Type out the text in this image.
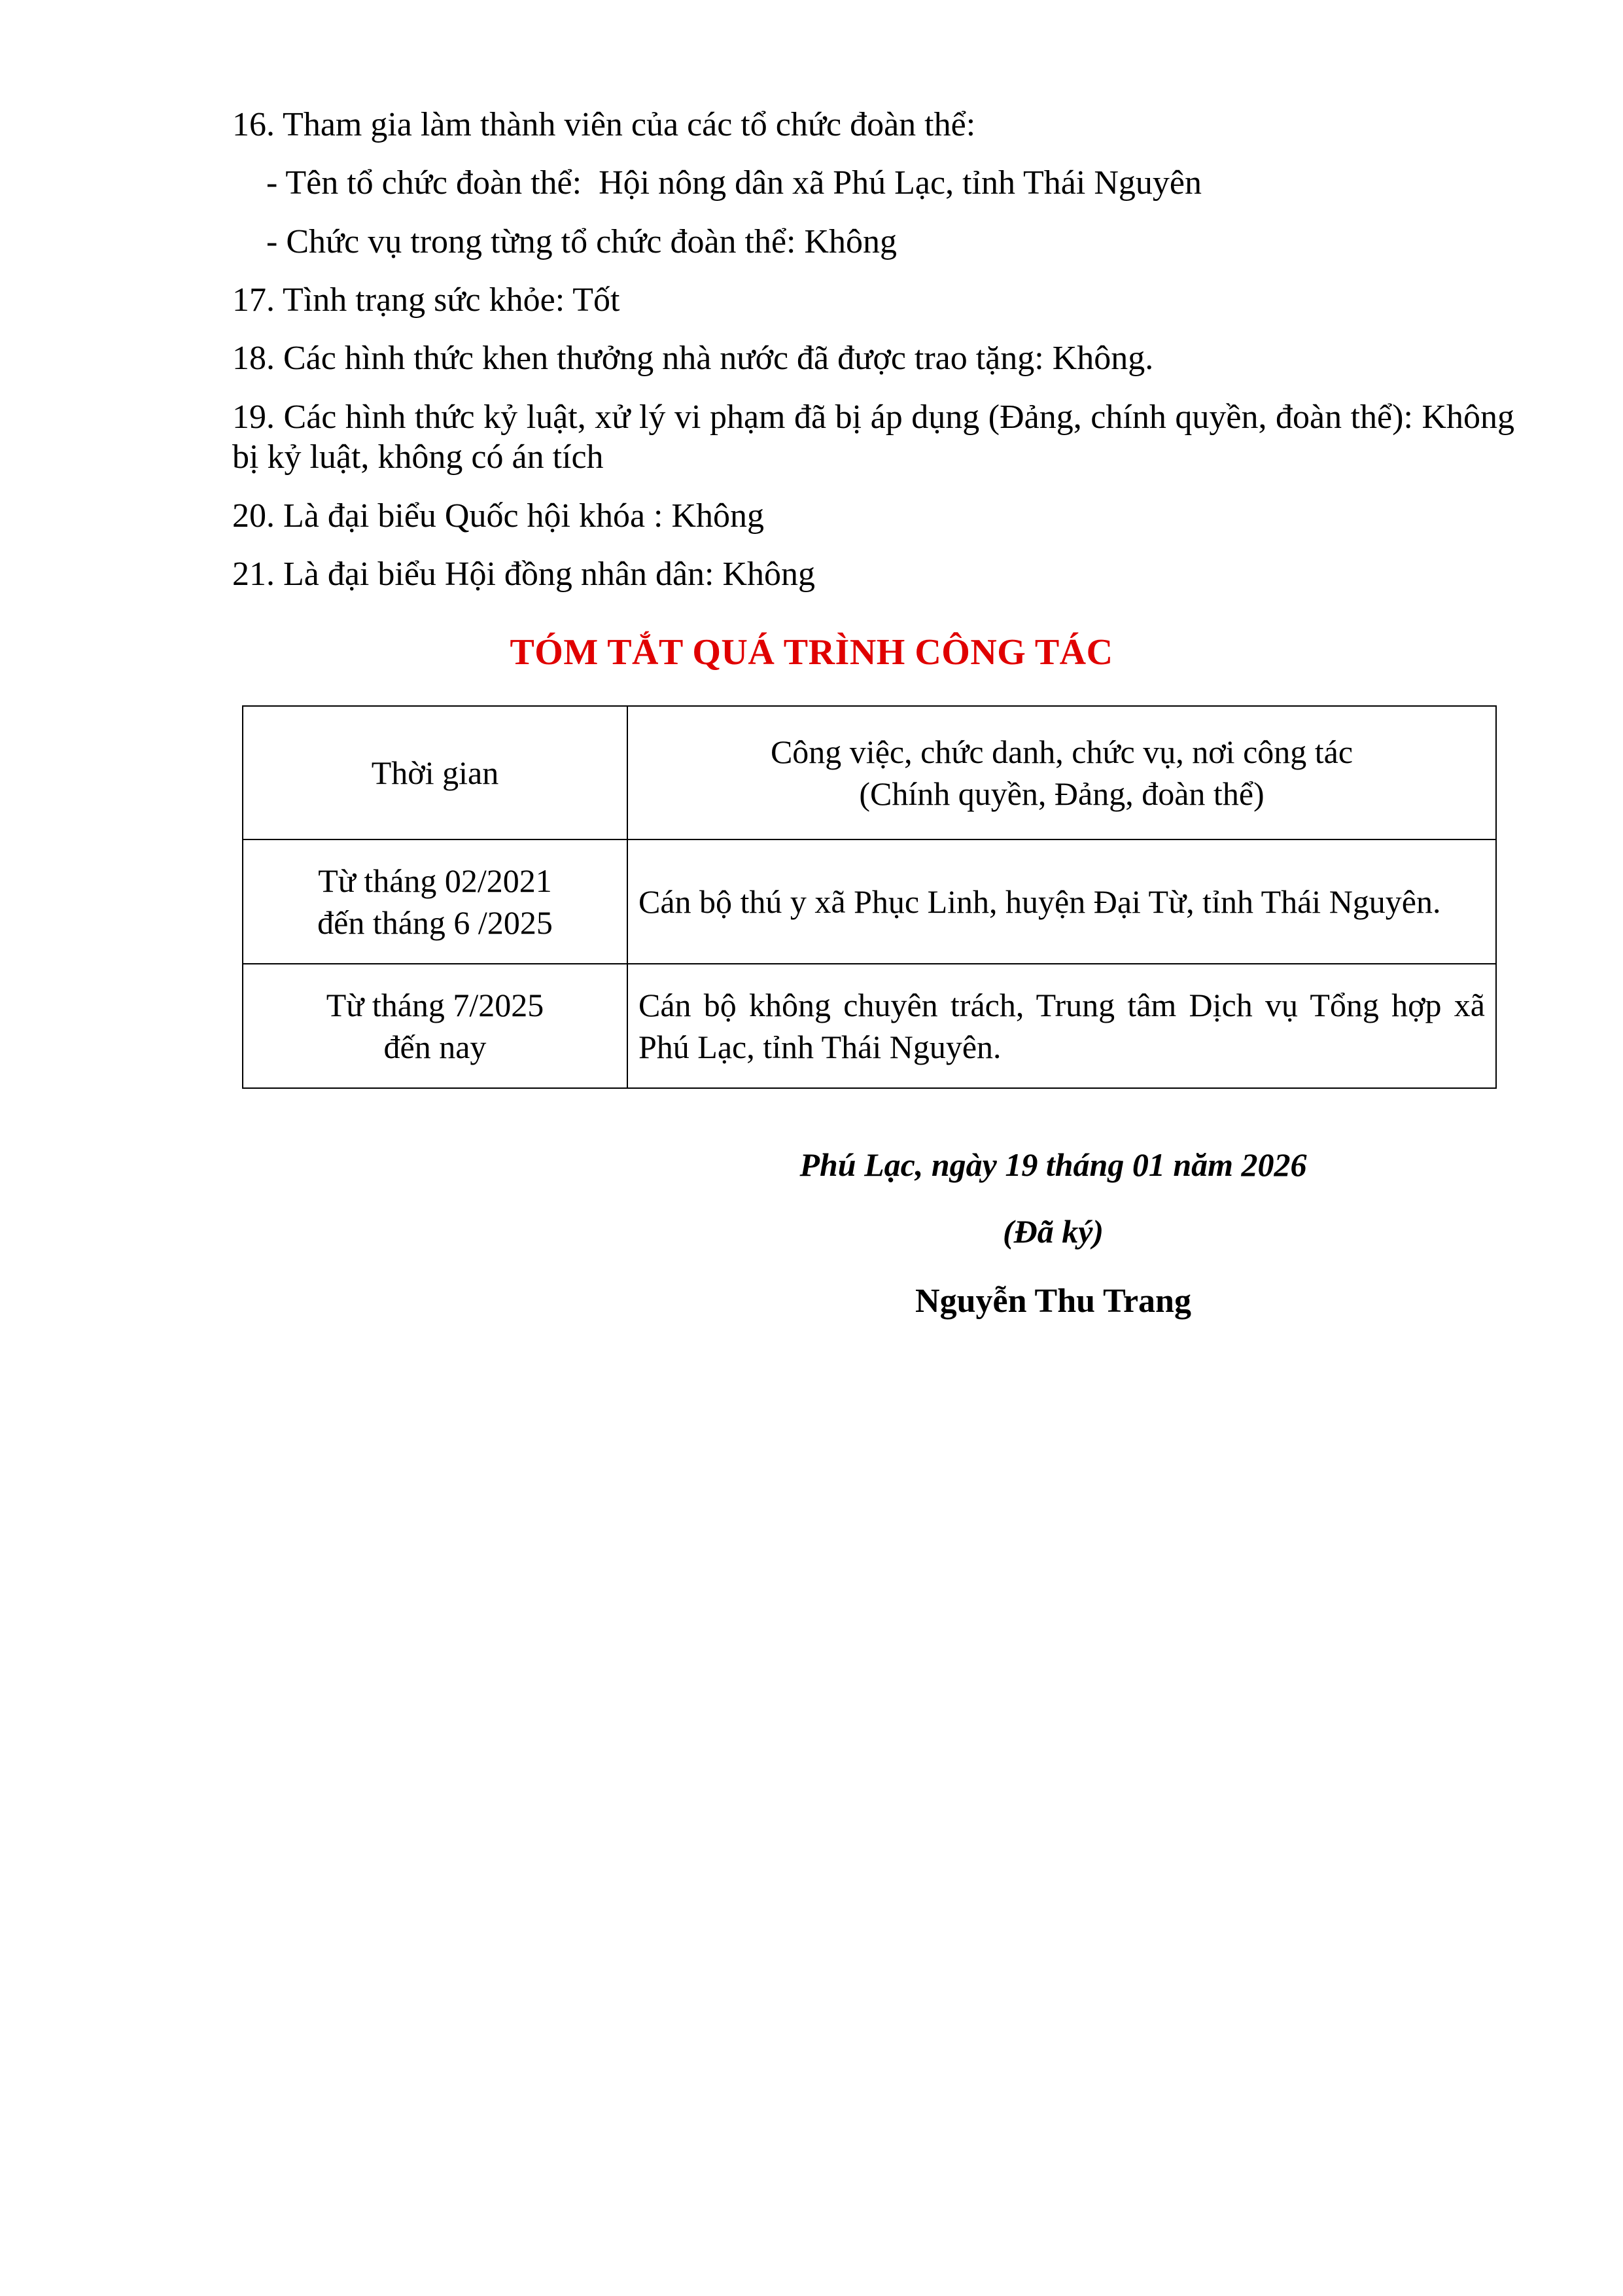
16. Tham gia làm thành viên của các tổ chức đoàn thể:

- Tên tổ chức đoàn thể:  Hội nông dân xã Phú Lạc, tỉnh Thái Nguyên

- Chức vụ trong từng tổ chức đoàn thể: Không

17. Tình trạng sức khỏe: Tốt

18. Các hình thức khen thưởng nhà nước đã được trao tặng: Không.

19. Các hình thức kỷ luật, xử lý vi phạm đã bị áp dụng (Đảng, chính quyền, đoàn thể): Không bị kỷ luật, không có án tích

20. Là đại biểu Quốc hội khóa : Không

21. Là đại biểu Hội đồng nhân dân: Không

TÓM TẮT QUÁ TRÌNH CÔNG TÁC
Thời gian	Công việc, chức danh, chức vụ, nơi công tác
(Chính quyền, Đảng, đoàn thể)

Từ tháng 02/2021
đến tháng 6 /2025	Cán bộ thú y xã Phục Linh, huyện Đại Từ, tỉnh Thái Nguyên.

Từ tháng 7/2025
đến nay	Cán bộ không chuyên trách, Trung tâm Dịch vụ Tổng hợp xã Phú Lạc, tỉnh Thái Nguyên.
Phú Lạc, ngày 19 tháng 01 năm 2026
(Đã ký)
Nguyễn Thu Trang
